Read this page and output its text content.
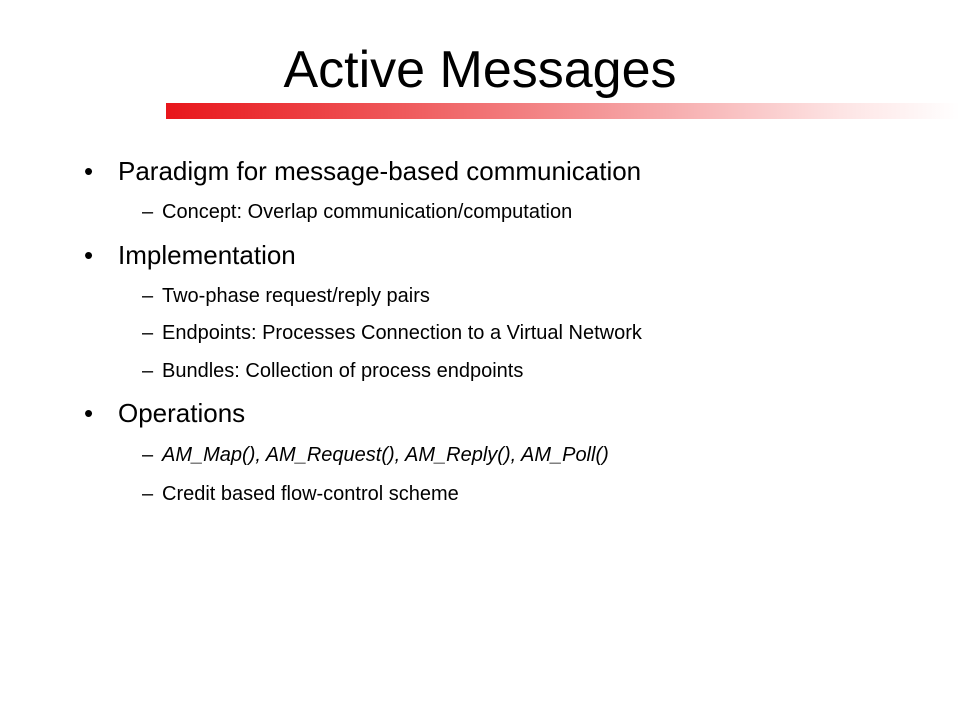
Active Messages
• Paradigm for message-based communication
– Concept: Overlap communication/computation
• Implementation
– Two-phase request/reply pairs
– Endpoints: Processes Connection to a Virtual Network
– Bundles: Collection of process endpoints
• Operations
– AM_Map(), AM_Request(), AM_Reply(), AM_Poll()
– Credit based flow-control scheme
